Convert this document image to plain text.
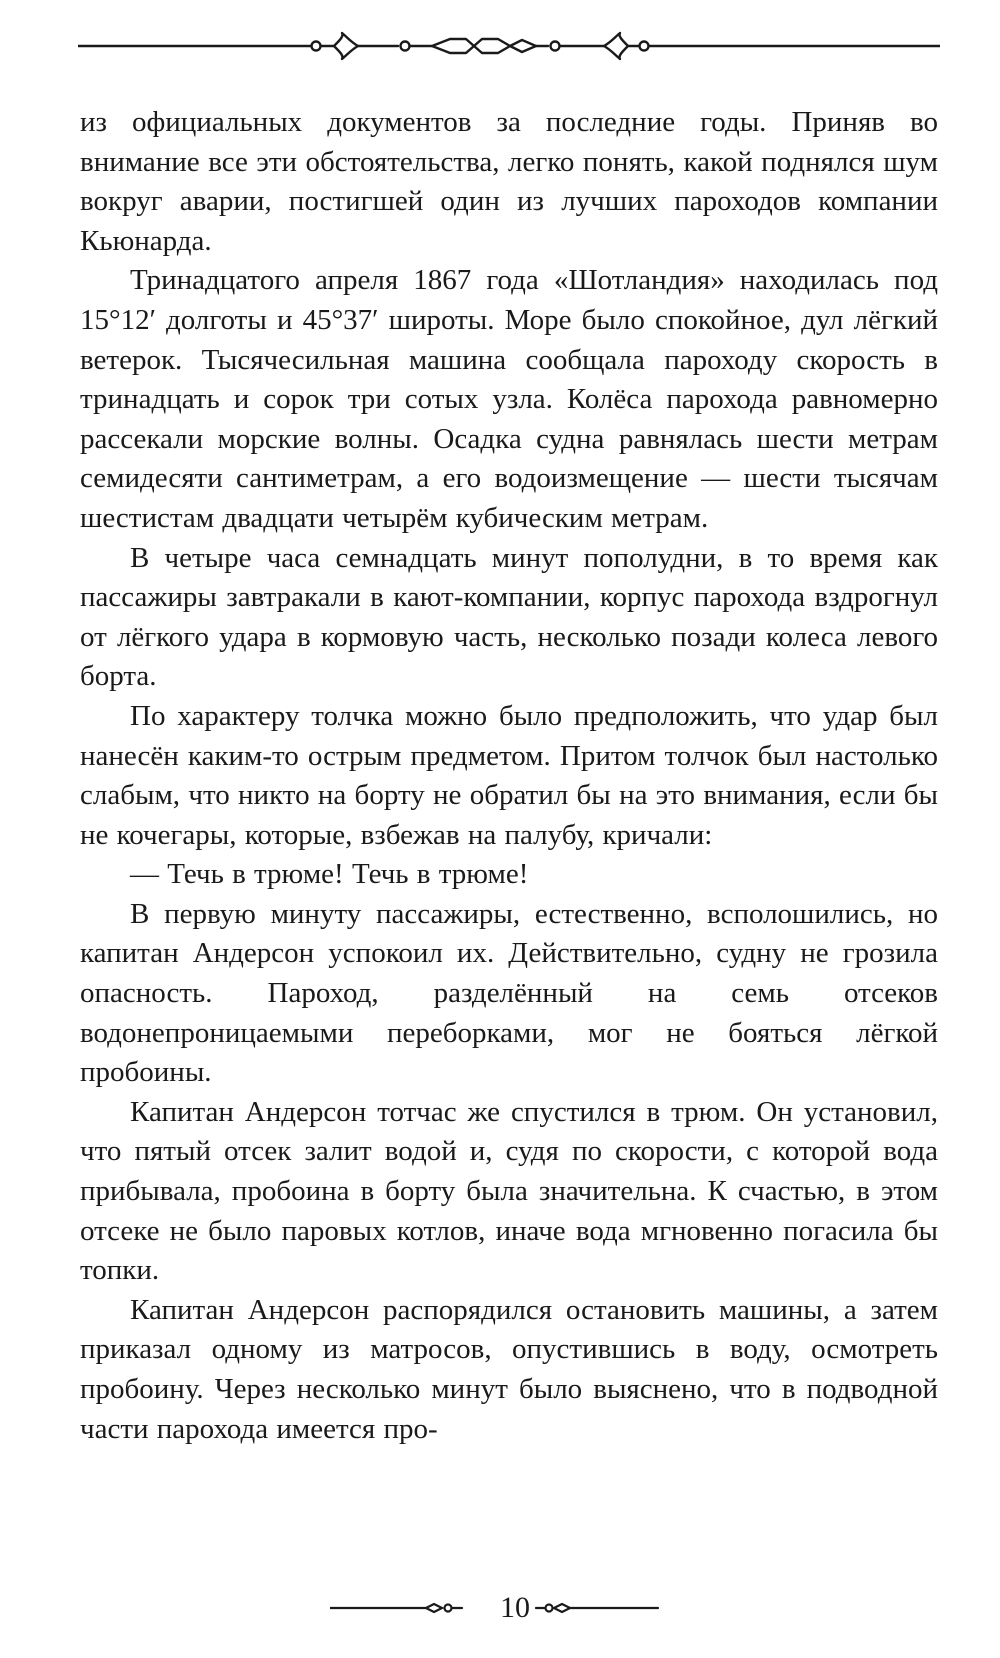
из официальных документов за последние годы. Приняв во внимание все эти обстоятельства, легко понять, какой поднялся шум вокруг аварии, постигшей один из лучших пароходов компании Кьюнарда.

Тринадцатого апреля 1867 года «Шотландия» находилась под 15°12′ долготы и 45°37′ широты. Море было спокойное, дул лёгкий ветерок. Тысячесильная машина сообщала пароходу скорость в тринадцать и сорок три сотых узла. Колёса парохода равномерно рассекали морские волны. Осадка судна равнялась шести метрам семидесяти сантиметрам, а его водоизмещение — шести тысячам шестистам двадцати четырём кубическим метрам.

В четыре часа семнадцать минут пополудни, в то время как пассажиры завтракали в кают-компании, корпус парохода вздрогнул от лёгкого удара в кормовую часть, несколько позади колеса левого борта.

По характеру толчка можно было предположить, что удар был нанесён каким-то острым предметом. Притом толчок был настолько слабым, что никто на борту не обратил бы на это внимания, если бы не кочегары, которые, взбежав на палубу, кричали:

— Течь в трюме! Течь в трюме!

В первую минуту пассажиры, естественно, всполошились, но капитан Андерсон успокоил их. Действительно, судну не грозила опасность. Пароход, разделённый на семь отсеков водонепроницаемыми переборками, мог не бояться лёгкой пробоины.

Капитан Андерсон тотчас же спустился в трюм. Он установил, что пятый отсек залит водой и, судя по скорости, с которой вода прибывала, пробоина в борту была значительна. К счастью, в этом отсеке не было паровых котлов, иначе вода мгновенно погасила бы топки.

Капитан Андерсон распорядился остановить машины, а затем приказал одному из матросов, опустившись в воду, осмотреть пробоину. Через несколько минут было выяснено, что в подводной части парохода имеется про-

10
